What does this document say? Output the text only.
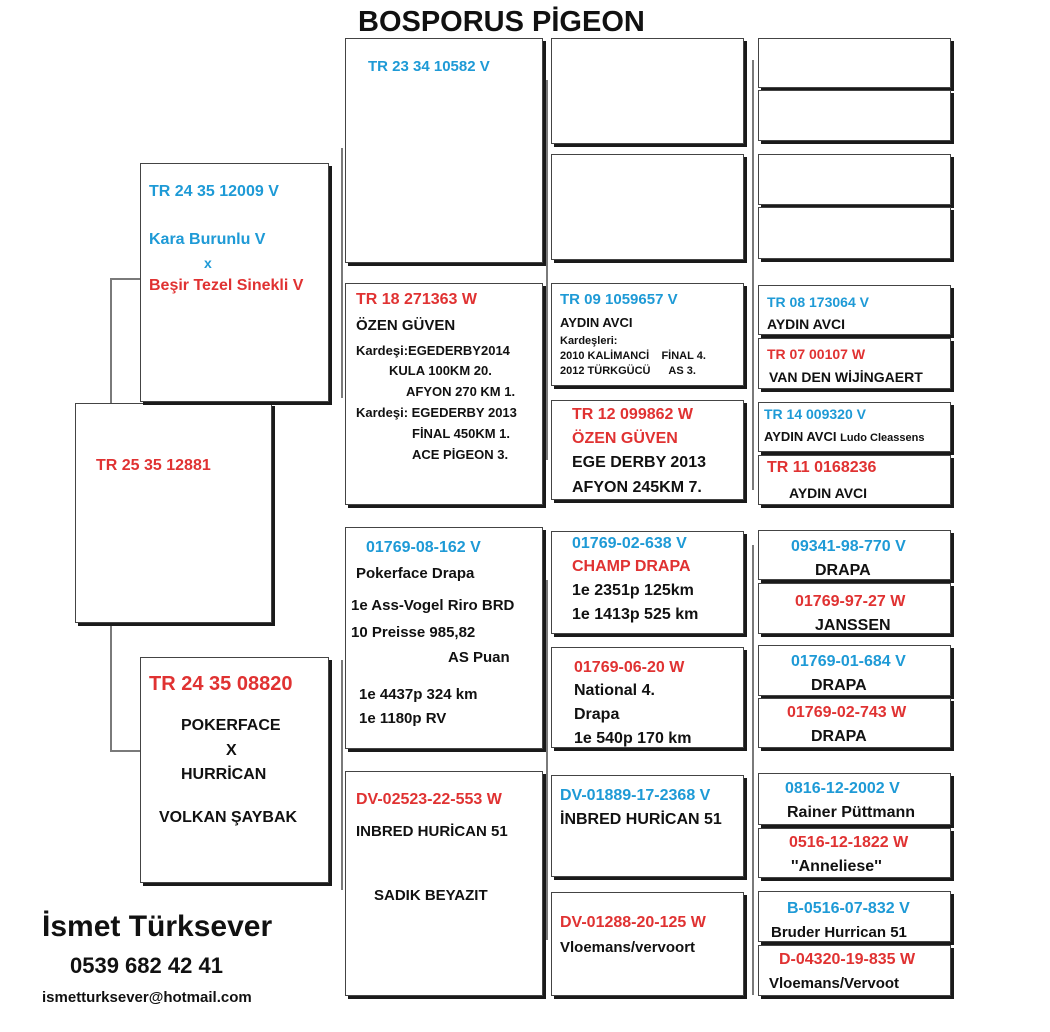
BOSPORUS PİGEON
TR 25 35 12881
TR 24 35 12009 V
Kara Burunlu V
x
Beşir Tezel Sinekli V
TR 24 35 08820
POKERFACE
X
HURRİCAN
VOLKAN ŞAYBAK
TR 23 34 10582 V
TR 18 271363 W
ÖZEN GÜVEN
Kardeşi:EGEDERBY2014
KULA 100KM 20.
AFYON 270 KM 1.
Kardeşi: EGEDERBY 2013
FİNAL 450KM 1.
ACE PİGEON 3.
01769-08-162 V
Pokerface Drapa
1e Ass-Vogel Riro BRD
10 Preisse 985,82
AS Puan
1e 4437p 324 km
1e 1180p RV
DV-02523-22-553 W
INBRED HURİCAN 51
SADIK BEYAZIT
TR 09 1059657 V
AYDIN AVCI
Kardeşleri:
2010 KALİMANCİ    FİNAL 4.
2012 TÜRKGÜCÜ      AS 3.
TR 12 099862 W
ÖZEN GÜVEN
EGE DERBY 2013
AFYON 245KM 7.
01769-02-638 V
CHAMP DRAPA
1e 2351p 125km
1e 1413p 525 km
01769-06-20 W
National 4.
Drapa
1e 540p 170 km
DV-01889-17-2368 V
İNBRED HURİCAN 51
DV-01288-20-125 W
Vloemans/vervoort
TR 08 173064 V
AYDIN AVCI
TR 07 00107 W
VAN DEN WİJİNGAERT
TR 14 009320 V
AYDIN AVCI Ludo Cleassens
TR 11 0168236
AYDIN AVCI
09341-98-770 V
DRAPA
01769-97-27 W
JANSSEN
01769-01-684 V
DRAPA
01769-02-743 W
DRAPA
0816-12-2002 V
Rainer Püttmann
0516-12-1822 W
''Anneliese''
B-0516-07-832 V
Bruder Hurrican 51
D-04320-19-835 W
Vloemans/Vervoot
İsmet Türksever
0539 682 42 41
ismetturksever@hotmail.com
